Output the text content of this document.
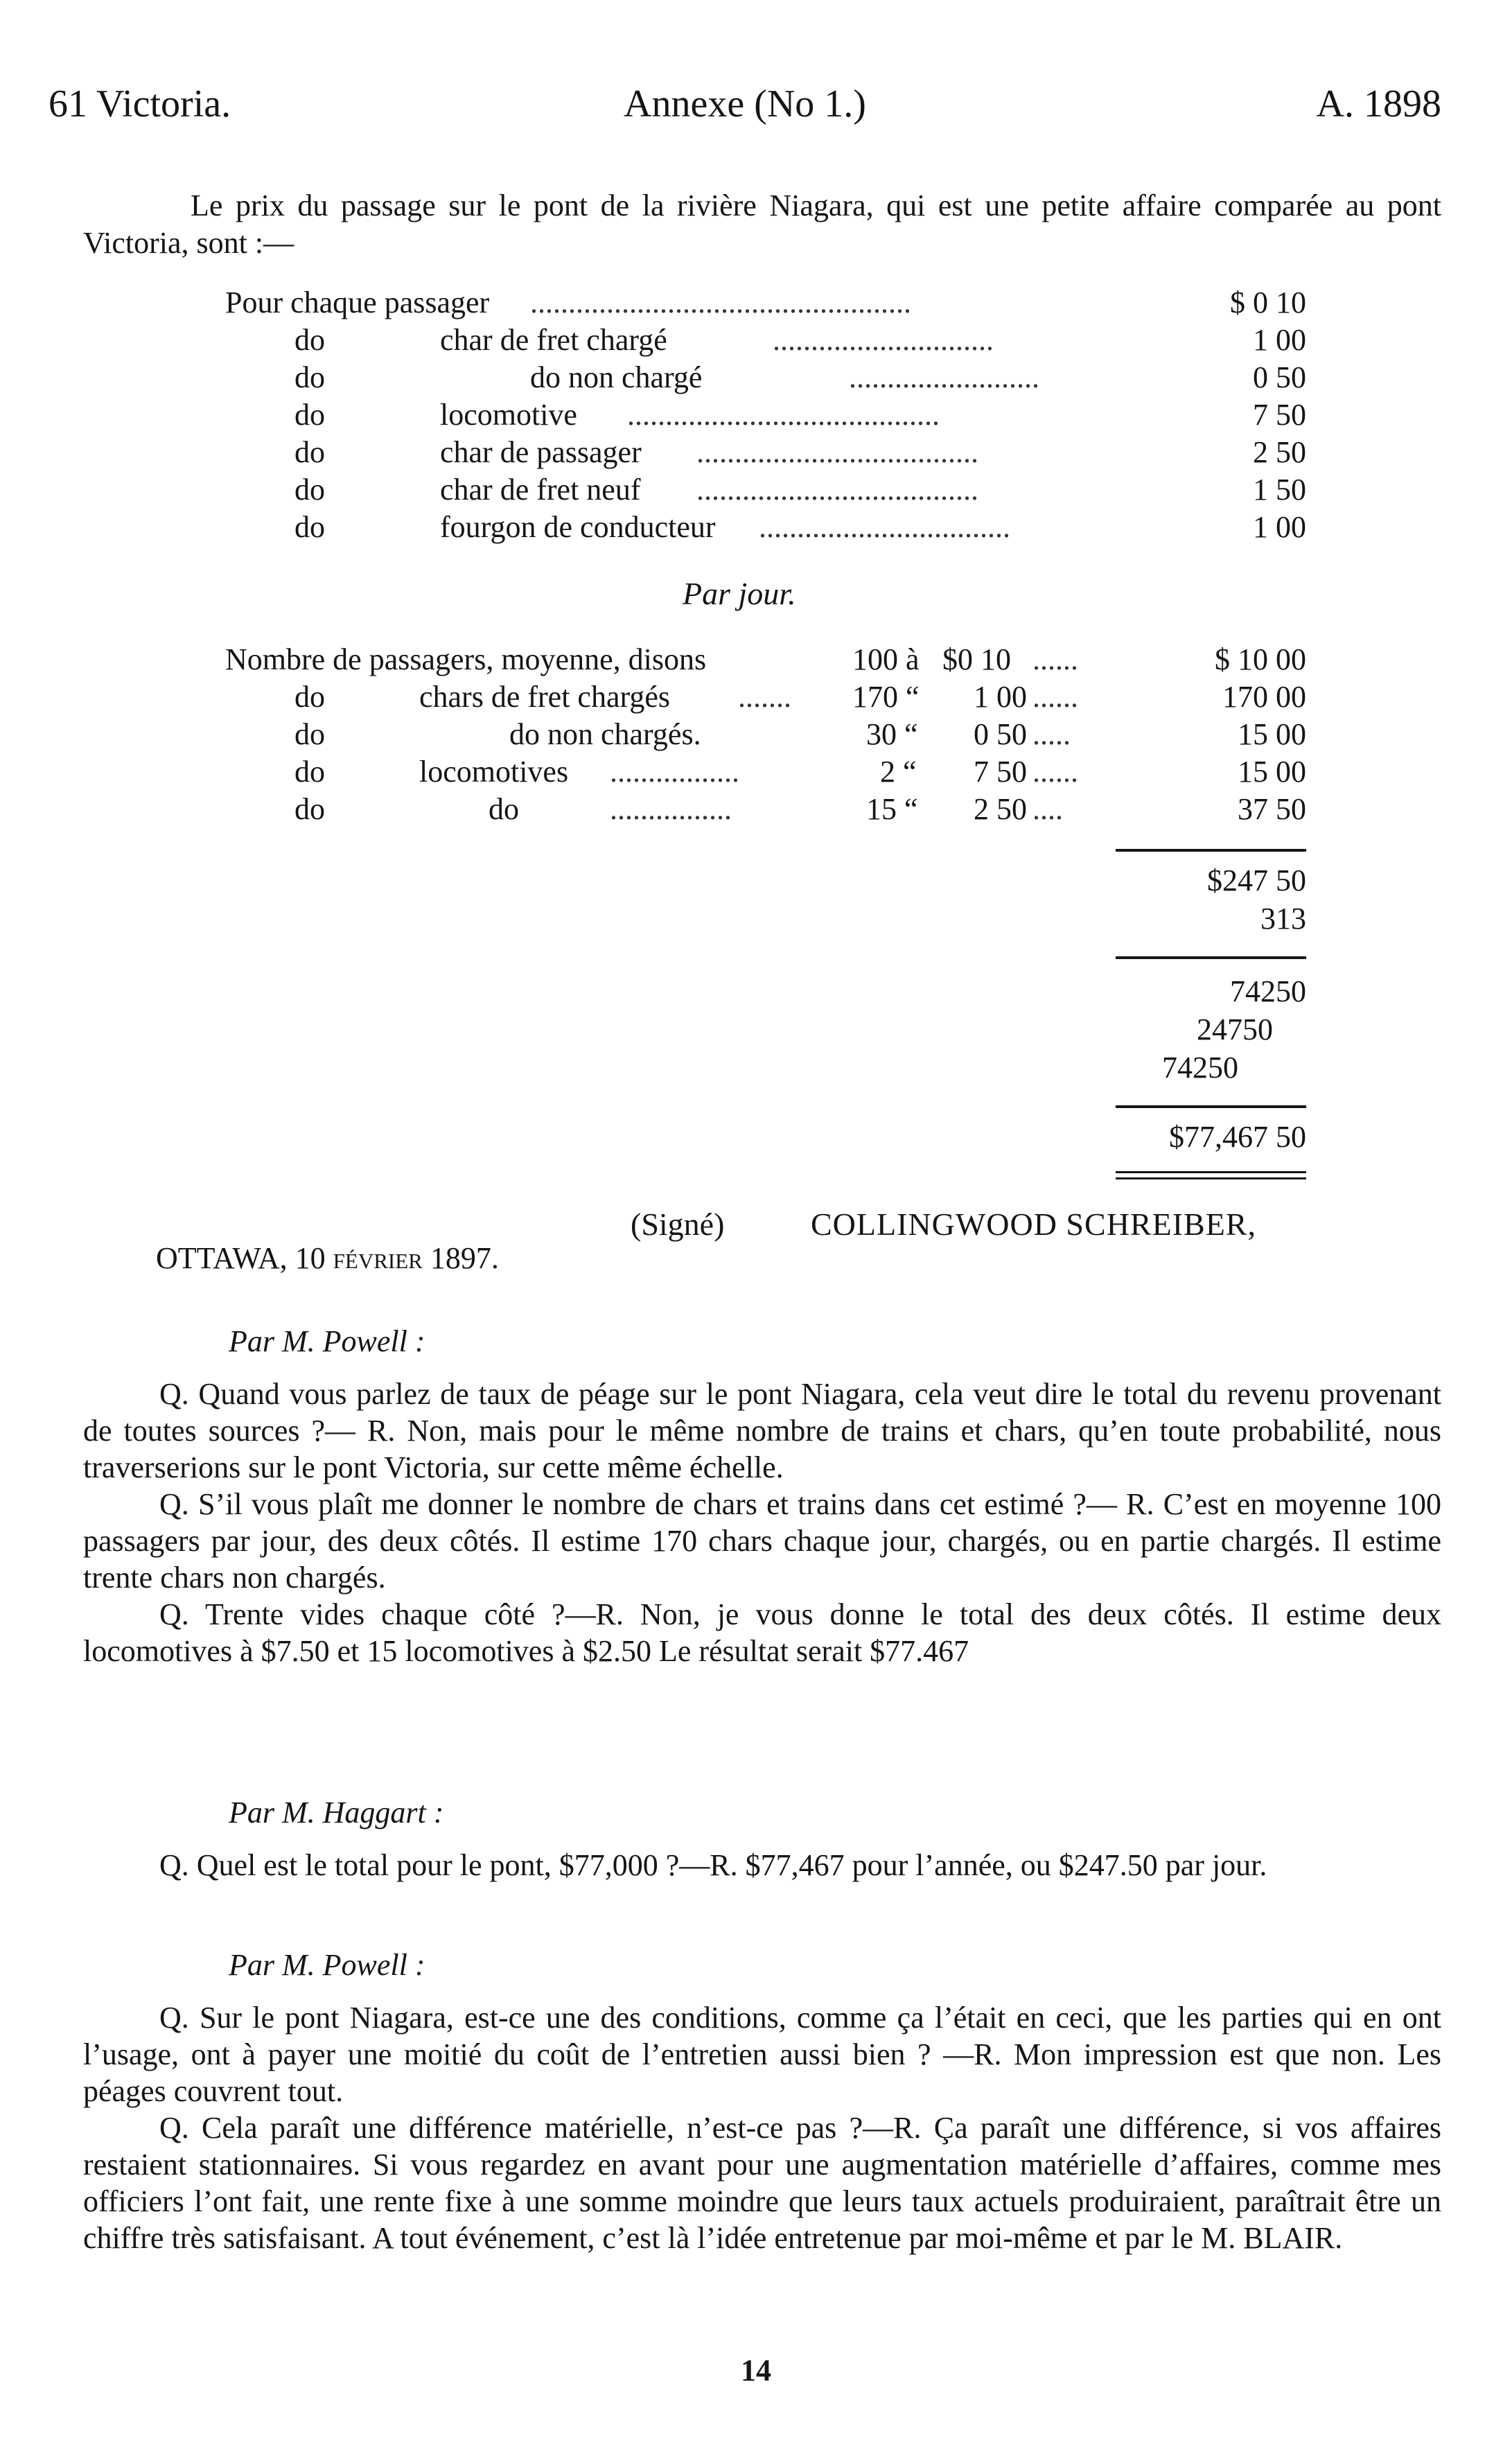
61 Victoria.	Annexe (No 1.)	A. 1898
Le prix du passage sur le pont de la rivière Niagara, qui est une petite affaire comparée au pont Victoria, sont :—
Pour chaque passager ..................................................	$ 0 10
do	char de fret chargé	.............................	1 00
do	do non chargé	.........................	0 50
do	locomotive .........................................	7 50
do	char de passager .....................................	2 50
do	char de fret neuf .....................................	1 50
do	fourgon de conducteur .................................	1 00
Par jour.
Nombre de passagers, moyenne, disons	100 à $0 10 ......	$ 10 00
do	chars de fret chargés .......	170 “ 1 00 ......	170 00
do	do non chargés.	30 “ 0 50 .....	15 00
do	locomotives .................	2 “ 7 50 ......	15 00
do	do	................	15 “ 2 50 ....	37 50
$247 50
313
74250
24750
74250
$77,467 50
(Signé)	COLLINGWOOD SCHREIBER,
OTTAWA, 10 février 1897.
Par M. Powell :

Q. Quand vous parlez de taux de péage sur le pont Niagara, cela veut dire le total du revenu provenant de toutes sources ?— R. Non, mais pour le même nombre de trains et chars, qu’en toute probabilité, nous traverserions sur le pont Victoria, sur cette même échelle.

Q. S’il vous plaît me donner le nombre de chars et trains dans cet estimé ?— R. C’est en moyenne 100 passagers par jour, des deux côtés. Il estime 170 chars chaque jour, chargés, ou en partie chargés. Il estime trente chars non chargés.

Q. Trente vides chaque côté ?—R. Non, je vous donne le total des deux côtés. Il estime deux locomotives à $7.50 et 15 locomotives à $2.50 Le résultat serait $77.467

Par M. Haggart :

Q. Quel est le total pour le pont, $77,000 ?—R. $77,467 pour l’année, ou $247.50 par jour.

Par M. Powell :

Q. Sur le pont Niagara, est-ce une des conditions, comme ça l’était en ceci, que les parties qui en ont l’usage, ont à payer une moitié du coût de l’entretien aussi bien ? —R. Mon impression est que non. Les péages couvrent tout.

Q. Cela paraît une différence matérielle, n’est-ce pas ?—R. Ça paraît une différence, si vos affaires restaient stationnaires. Si vous regardez en avant pour une augmentation matérielle d’affaires, comme mes officiers l’ont fait, une rente fixe à une somme moindre que leurs taux actuels produiraient, paraîtrait être un chiffre très satisfaisant. A tout événement, c’est là l’idée entretenue par moi-même et par le M. BLAIR.

14
